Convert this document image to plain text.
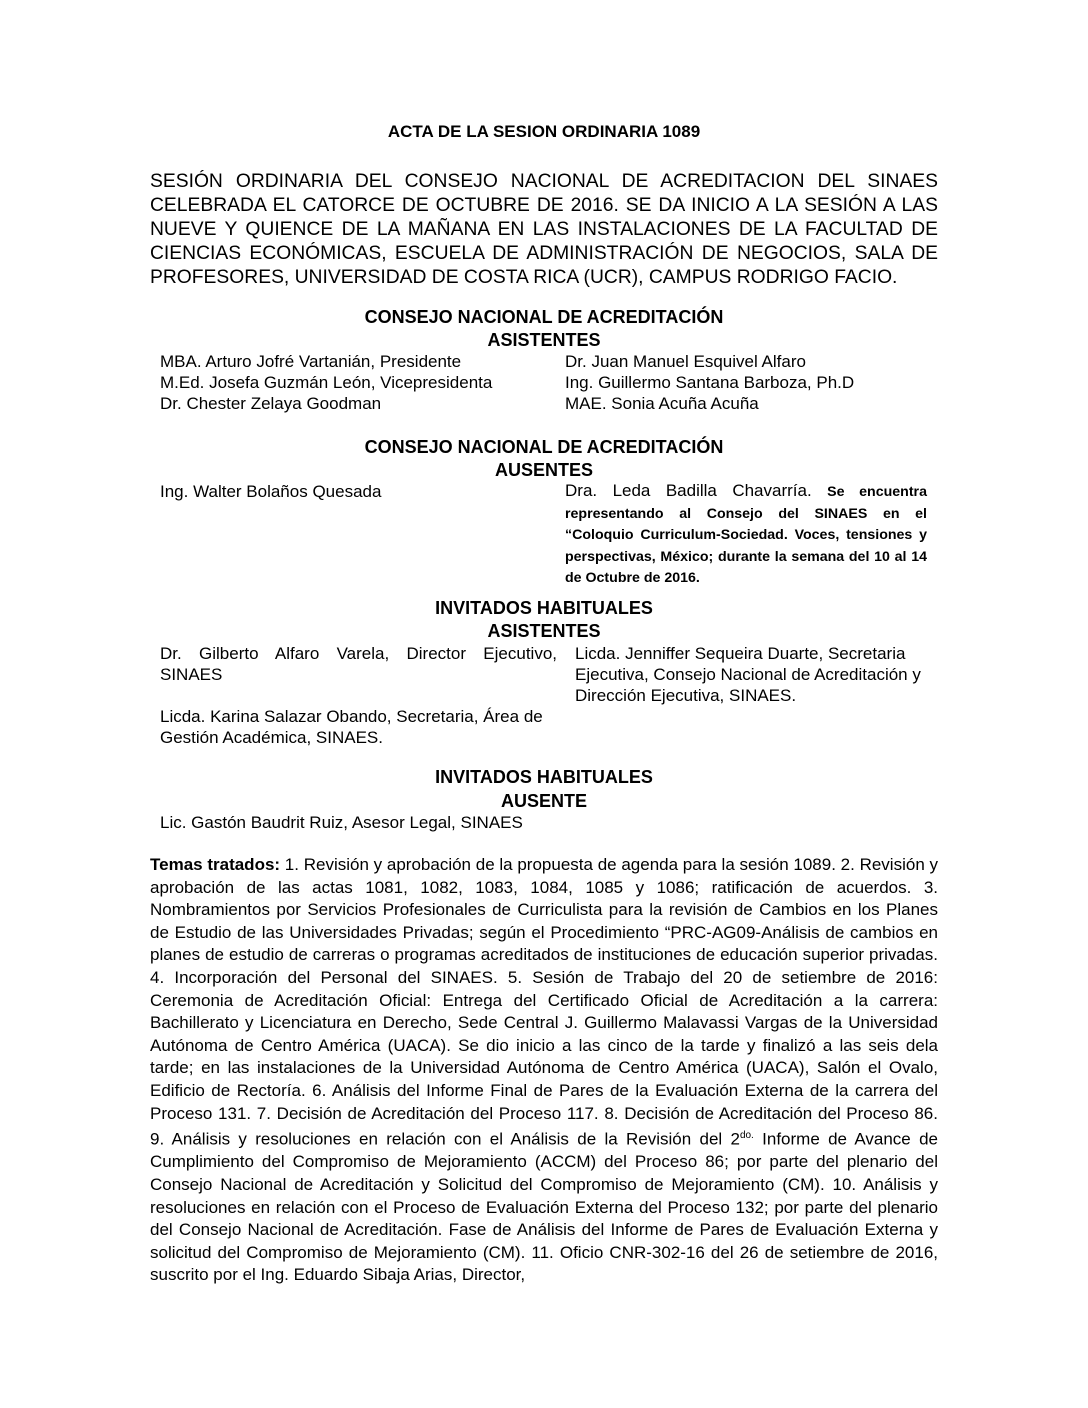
ACTA DE LA SESION ORDINARIA 1089
SESIÓN ORDINARIA DEL CONSEJO NACIONAL DE ACREDITACION DEL SINAES CELEBRADA EL CATORCE DE OCTUBRE DE 2016. SE DA INICIO A LA SESIÓN A LAS NUEVE Y QUIENCE DE LA MAÑANA EN LAS INSTALACIONES DE LA FACULTAD DE CIENCIAS ECONÓMICAS, ESCUELA DE ADMINISTRACIÓN DE NEGOCIOS, SALA DE PROFESORES, UNIVERSIDAD DE COSTA RICA (UCR), CAMPUS RODRIGO FACIO.
CONSEJO NACIONAL DE ACREDITACIÓN
ASISTENTES
MBA. Arturo Jofré Vartanián, Presidente
M.Ed. Josefa Guzmán León, Vicepresidenta
Dr. Chester Zelaya Goodman
Dr. Juan Manuel Esquivel Alfaro
Ing. Guillermo Santana Barboza, Ph.D
MAE. Sonia Acuña Acuña
CONSEJO NACIONAL DE ACREDITACIÓN
AUSENTES
Ing. Walter Bolaños Quesada	Dra. Leda Badilla Chavarría. Se encuentra representando al Consejo del SINAES en el “Coloquio Curriculum-Sociedad. Voces, tensiones y perspectivas, México; durante la semana del 10 al 14 de Octubre de 2016.
INVITADOS HABITUALES
ASISTENTES
Dr. Gilberto Alfaro Varela, Director Ejecutivo, SINAES
Licda. Jenniffer Sequeira Duarte, Secretaria Ejecutiva, Consejo Nacional de Acreditación y Dirección Ejecutiva, SINAES.
Licda. Karina Salazar Obando, Secretaria, Área de Gestión Académica, SINAES.
INVITADOS HABITUALES
AUSENTE
Lic. Gastón Baudrit Ruiz, Asesor Legal, SINAES
Temas tratados: 1. Revisión y aprobación de la propuesta de agenda para la sesión 1089. 2. Revisión y aprobación de las actas 1081, 1082, 1083, 1084, 1085 y 1086; ratificación de acuerdos. 3. Nombramientos por Servicios Profesionales de Curriculista para la revisión de Cambios en los Planes de Estudio de las Universidades Privadas; según el Procedimiento “PRC-AG09-Análisis de cambios en planes de estudio de carreras o programas acreditados de instituciones de educación superior privadas. 4. Incorporación del Personal del SINAES. 5. Sesión de Trabajo del 20 de setiembre de 2016: Ceremonia de Acreditación Oficial: Entrega del Certificado Oficial de Acreditación a la carrera: Bachillerato y Licenciatura en Derecho, Sede Central J. Guillermo Malavassi Vargas de la Universidad Autónoma de Centro América (UACA). Se dio inicio a las cinco de la tarde y finalizó a las seis dela tarde; en las instalaciones de la Universidad Autónoma de Centro América (UACA), Salón el Ovalo, Edificio de Rectoría. 6. Análisis del Informe Final de Pares de la Evaluación Externa de la carrera del Proceso 131. 7. Decisión de Acreditación del Proceso 117. 8. Decisión de Acreditación del Proceso 86. 9. Análisis y resoluciones en relación con el Análisis de la Revisión del $2^{do.}$ Informe de Avance de Cumplimiento del Compromiso de Mejoramiento (ACCM) del Proceso 86; por parte del plenario del Consejo Nacional de Acreditación y Solicitud del Compromiso de Mejoramiento (CM). 10. Análisis y resoluciones en relación con el Proceso de Evaluación Externa del Proceso 132; por parte del plenario del Consejo Nacional de Acreditación. Fase de Análisis del Informe de Pares de Evaluación Externa y solicitud del Compromiso de Mejoramiento (CM). 11. Oficio CNR-302-16 del 26 de setiembre de 2016, suscrito por el Ing. Eduardo Sibaja Arias, Director,
